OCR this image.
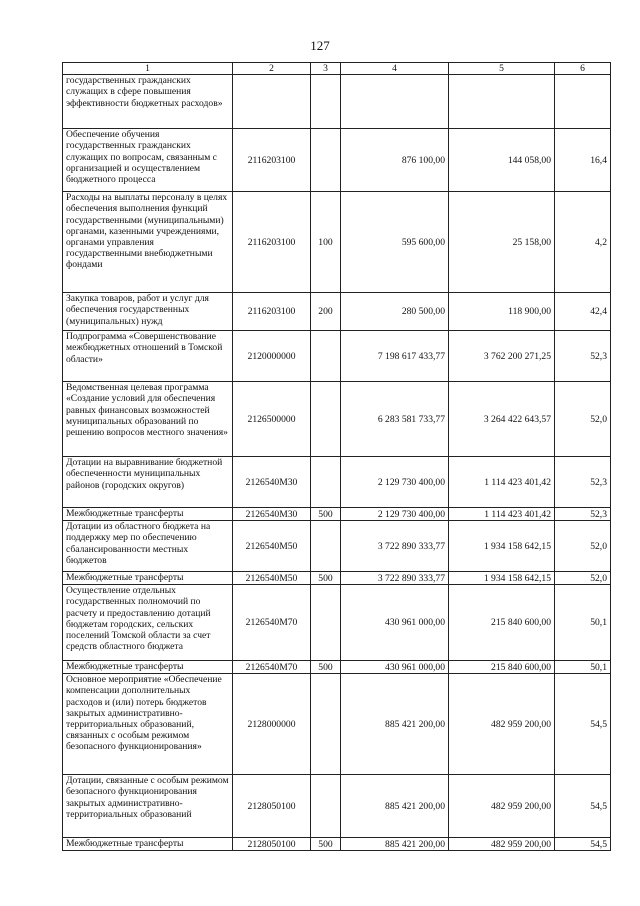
127
1	2	3	4	5	6
государственных гражданских служащих в сфере повышения эффективности бюджетных расходов»					
Обеспечение обучения государственных гражданских служащих по вопросам, связанным с организацией и осуществлением бюджетного процесса	2116203100		876 100,00	144 058,00	16,4
Расходы на выплаты персоналу в целях обеспечения выполнения функций государственными (муниципальными) органами, казенными учреждениями, органами управления государственными внебюджетными фондами	2116203100	100	595 600,00	25 158,00	4,2
Закупка товаров, работ и услуг для обеспечения государственных (муниципальных) нужд	2116203100	200	280 500,00	118 900,00	42,4
Подпрограмма «Совершенствование межбюджетных отношений в Томской области»	2120000000		7 198 617 433,77	3 762 200 271,25	52,3
Ведомственная целевая программа «Создание условий для обеспечения равных финансовых возможностей муниципальных образований по решению вопросов местного значения»	2126500000		6 283 581 733,77	3 264 422 643,57	52,0
Дотации на выравнивание бюджетной обеспеченности муниципальных районов (городских округов)	2126540М30		2 129 730 400,00	1 114 423 401,42	52,3
Межбюджетные трансферты	2126540М30	500	2 129 730 400,00	1 114 423 401,42	52,3
Дотации из областного бюджета на поддержку мер по обеспечению сбалансированности местных бюджетов	2126540М50		3 722 890 333,77	1 934 158 642,15	52,0
Межбюджетные трансферты	2126540М50	500	3 722 890 333,77	1 934 158 642,15	52,0
Осуществление отдельных государственных полномочий по расчету и предоставлению дотаций бюджетам городских, сельских поселений Томской области за счет средств областного бюджета	2126540М70		430 961 000,00	215 840 600,00	50,1
Межбюджетные трансферты	2126540М70	500	430 961 000,00	215 840 600,00	50,1
Основное мероприятие «Обеспечение компенсации дополнительных расходов и (или) потерь бюджетов закрытых административно-территориальных образований, связанных с особым режимом безопасного функционирования»	2128000000		885 421 200,00	482 959 200,00	54,5
Дотации, связанные с особым режимом безопасного функционирования закрытых административно-территориальных образований	2128050100		885 421 200,00	482 959 200,00	54,5
Межбюджетные трансферты	2128050100	500	885 421 200,00	482 959 200,00	54,5
